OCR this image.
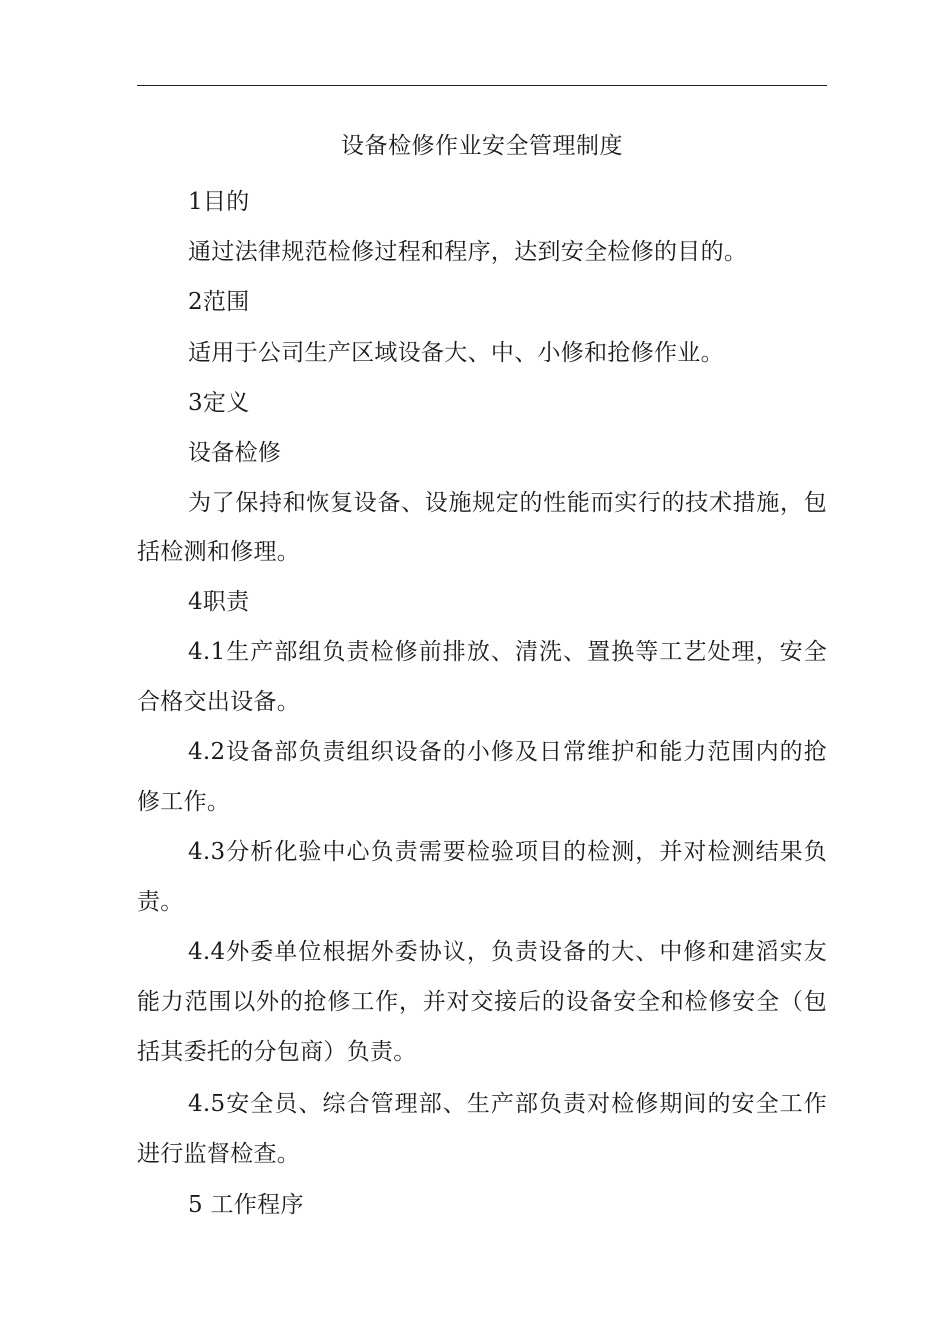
设备检修作业安全管理制度

1目的

通过法律规范检修过程和程序，达到安全检修的目的。

2范围

适用于公司生产区域设备大、中、小修和抢修作业。

3定义

设备检修

为了保持和恢复设备、设施规定的性能而实行的技术措施，包

括检测和修理。

4职责

4.1生产部组负责检修前排放、清洗、置换等工艺处理，安全

合格交出设备。

4.2设备部负责组织设备的小修及日常维护和能力范围内的抢

修工作。

4.3分析化验中心负责需要检验项目的检测，并对检测结果负

责。

4.4外委单位根据外委协议，负责设备的大、中修和建滔实友

能力范围以外的抢修工作，并对交接后的设备安全和检修安全（包

括其委托的分包商）负责。

4.5安全员、综合管理部、生产部负责对检修期间的安全工作

进行监督检查。

5 工作程序
